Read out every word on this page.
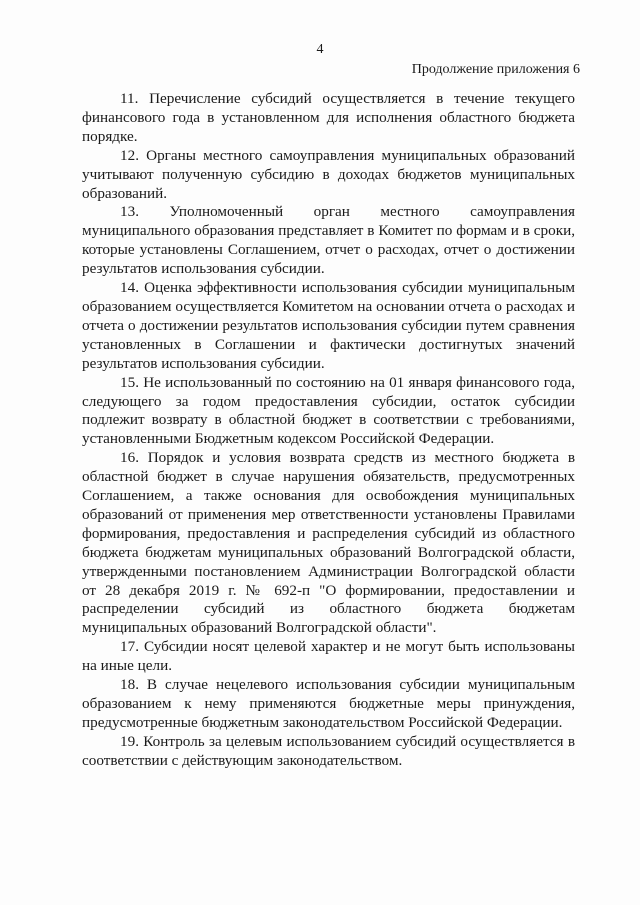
4
Продолжение приложения 6

11. Перечисление субсидий осуществляется в течение текущего финансового года в установленном для исполнения областного бюджета порядке.

12. Органы местного самоуправления муниципальных образований учитывают полученную субсидию в доходах бюджетов муниципальных образований.

13. Уполномоченный орган местного самоуправления муниципального образования представляет в Комитет по формам и в сроки, которые установлены Соглашением, отчет о расходах, отчет о достижении результатов использования субсидии.

14. Оценка эффективности использования субсидии муниципальным образованием осуществляется Комитетом на основании отчета о расходах и отчета о достижении результатов использования субсидии путем сравнения установленных в Соглашении и фактически достигнутых значений результатов использования субсидии.

15. Не использованный по состоянию на 01 января финансового года, следующего за годом предоставления субсидии, остаток субсидии подлежит возврату в областной бюджет в соответствии с требованиями, установленными Бюджетным кодексом Российской Федерации.

16. Порядок и условия возврата средств из местного бюджета в областной бюджет в случае нарушения обязательств, предусмотренных Соглашением, а также основания для освобождения муниципальных образований от применения мер ответственности установлены Правилами формирования, предоставления и распределения субсидий из областного бюджета бюджетам муниципальных образований Волгоградской области, утвержденными постановлением Администрации Волгоградской области от 28 декабря 2019 г. № 692-п "О формировании, предоставлении и распределении субсидий из областного бюджета бюджетам муниципальных образований Волгоградской области".

17. Субсидии носят целевой характер и не могут быть использованы на иные цели.

18. В случае нецелевого использования субсидии муниципальным образованием к нему применяются бюджетные меры принуждения, предусмотренные бюджетным законодательством Российской Федерации.

19. Контроль за целевым использованием субсидий осуществляется в соответствии с действующим законодательством.
